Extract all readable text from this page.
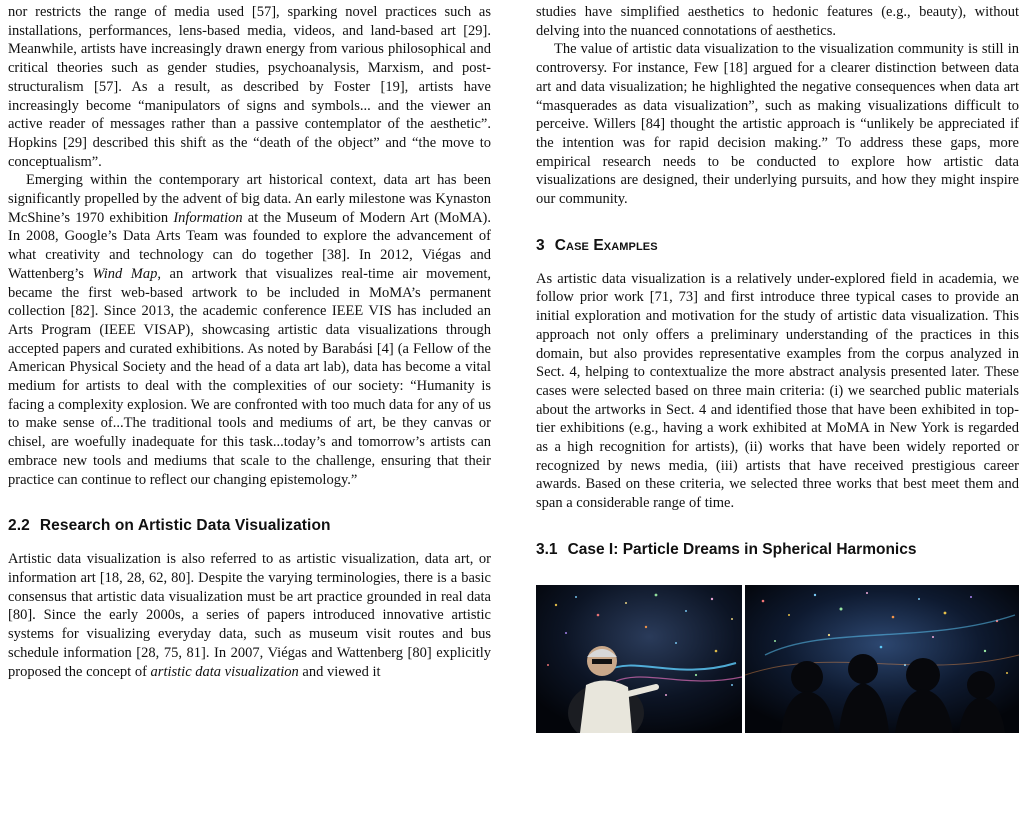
nor restricts the range of media used [57], sparking novel practices such as installations, performances, lens-based media, videos, and land-based art [29]. Meanwhile, artists have increasingly drawn energy from various philosophical and critical theories such as gender studies, psychoanalysis, Marxism, and post-structuralism [57]. As a result, as described by Foster [19], artists have increasingly become “manipulators of signs and symbols... and the viewer an active reader of messages rather than a passive contemplator of the aesthetic”. Hopkins [29] described this shift as the “death of the object” and “the move to conceptualism”.

Emerging within the contemporary art historical context, data art has been significantly propelled by the advent of big data. An early milestone was Kynaston McShine’s 1970 exhibition Information at the Museum of Modern Art (MoMA). In 2008, Google’s Data Arts Team was founded to explore the advancement of what creativity and technology can do together [38]. In 2012, Viégas and Wattenberg’s Wind Map, an artwork that visualizes real-time air movement, became the first web-based artwork to be included in MoMA’s permanent collection [82]. Since 2013, the academic conference IEEE VIS has included an Arts Program (IEEE VISAP), showcasing artistic data visualizations through accepted papers and curated exhibitions. As noted by Barabási [4] (a Fellow of the American Physical Society and the head of a data art lab), data has become a vital medium for artists to deal with the complexities of our society: “Humanity is facing a complexity explosion. We are confronted with too much data for any of us to make sense of...The traditional tools and mediums of art, be they canvas or chisel, are woefully inadequate for this task...today’s and tomorrow’s artists can embrace new tools and mediums that scale to the challenge, ensuring that their practice can continue to reflect our changing epistemology.”

2.2 Research on Artistic Data Visualization

Artistic data visualization is also referred to as artistic visualization, data art, or information art [18, 28, 62, 80]. Despite the varying terminologies, there is a basic consensus that artistic data visualization must be art practice grounded in real data [80]. Since the early 2000s, a series of papers introduced innovative artistic systems for visualizing everyday data, such as museum visit routes and bus schedule information [28, 75, 81]. In 2007, Viégas and Wattenberg [80] explicitly proposed the concept of artistic data visualization and viewed it

studies have simplified aesthetics to hedonic features (e.g., beauty), without delving into the nuanced connotations of aesthetics.

The value of artistic data visualization to the visualization community is still in controversy. For instance, Few [18] argued for a clearer distinction between data art and data visualization; he highlighted the negative consequences when data art “masquerades as data visualization”, such as making visualizations difficult to perceive. Willers [84] thought the artistic approach is “unlikely be appreciated if the intention was for rapid decision making.” To address these gaps, more empirical research needs to be conducted to explore how artistic data visualizations are designed, their underlying pursuits, and how they might inspire our community.

3 Case Examples

As artistic data visualization is a relatively under-explored field in academia, we follow prior work [71, 73] and first introduce three typical cases to provide an initial exploration and motivation for the study of artistic data visualization. This approach not only offers a preliminary understanding of the practices in this domain, but also provides representative examples from the corpus analyzed in Sect. 4, helping to contextualize the more abstract analysis presented later. These cases were selected based on three main criteria: (i) we searched public materials about the artworks in Sect. 4 and identified those that have been exhibited in top-tier exhibitions (e.g., having a work exhibited at MoMA in New York is regarded as a high recognition for artists), (ii) works that have been widely reported or recognized by news media, (iii) artists that have received prestigious career awards. Based on these criteria, we selected three works that best meet them and span a considerable range of time.

3.1 Case I: Particle Dreams in Spherical Harmonics
